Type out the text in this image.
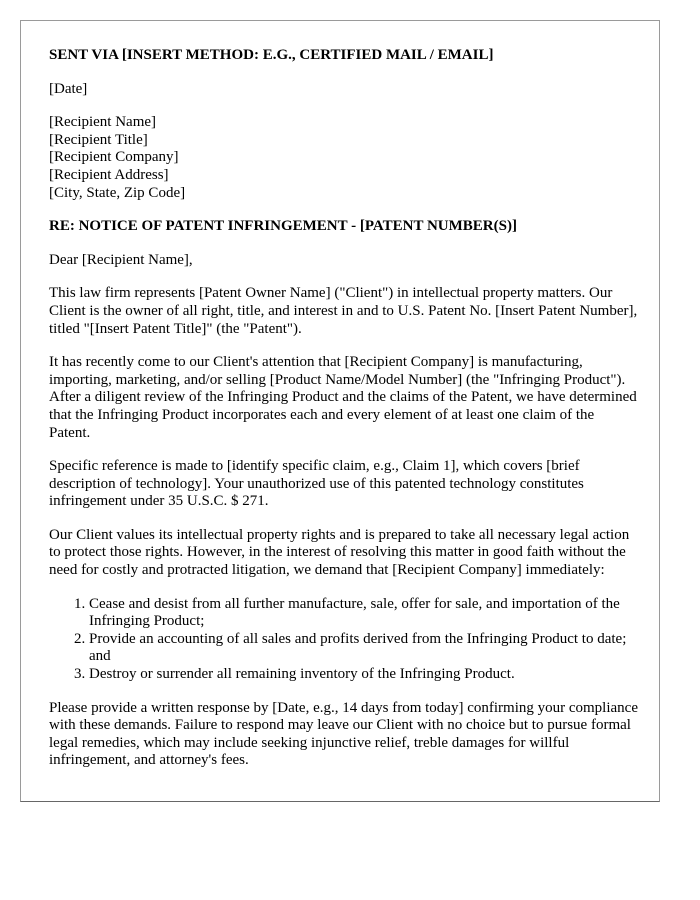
SENT VIA [INSERT METHOD: E.G., CERTIFIED MAIL / EMAIL]

[Date]

[Recipient Name]

[Recipient Title]

[Recipient Company]

[Recipient Address]

[City, State, Zip Code]

RE: NOTICE OF PATENT INFRINGEMENT - [PATENT NUMBER(S)]

Dear [Recipient Name],

This law firm represents [Patent Owner Name] ("Client") in intellectual property matters. Our Client is the owner of all right, title, and interest in and to U.S. Patent No. [Insert Patent Number], titled "[Insert Patent Title]" (the "Patent").

It has recently come to our Client's attention that [Recipient Company] is manufacturing, importing, marketing, and/or selling [Product Name/Model Number] (the "Infringing Product"). After a diligent review of the Infringing Product and the claims of the Patent, we have determined that the Infringing Product incorporates each and every element of at least one claim of the Patent.

Specific reference is made to [identify specific claim, e.g., Claim 1], which covers [brief description of technology]. Your unauthorized use of this patented technology constitutes infringement under 35 U.S.C. $ 271.

Our Client values its intellectual property rights and is prepared to take all necessary legal action to protect those rights. However, in the interest of resolving this matter in good faith without the need for costly and protracted litigation, we demand that [Recipient Company] immediately:

1. Cease and desist from all further manufacture, sale, offer for sale, and importation of the Infringing Product;
2. Provide an accounting of all sales and profits derived from the Infringing Product to date; and
3. Destroy or surrender all remaining inventory of the Infringing Product.

Please provide a written response by [Date, e.g., 14 days from today] confirming your compliance with these demands. Failure to respond may leave our Client with no choice but to pursue formal legal remedies, which may include seeking injunctive relief, treble damages for willful infringement, and attorney's fees.
